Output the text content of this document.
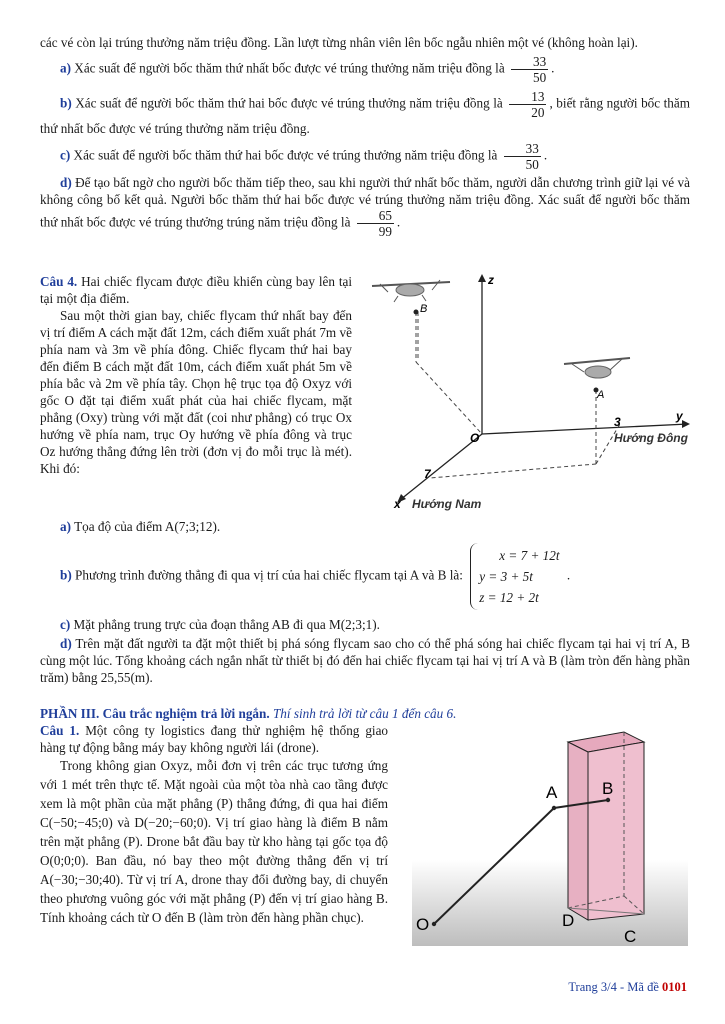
các vé còn lại trúng thưởng năm triệu đồng. Lần lượt từng nhân viên lên bốc ngẫu nhiên một vé (không hoàn lại).

a) Xác suất để người bốc thăm thứ nhất bốc được vé trúng thưởng năm triệu đồng là $\frac{33}{50}$ .

b) Xác suất để người bốc thăm thứ hai bốc được vé trúng thưởng năm triệu đồng là $\frac{13}{20}$ , biết rằng người bốc thăm thứ nhất bốc được vé trúng thưởng năm triệu đồng.

c) Xác suất để người bốc thăm thứ hai bốc được vé trúng thưởng năm triệu đồng là $\frac{33}{50}$ .

d) Để tạo bất ngờ cho người bốc thăm tiếp theo, sau khi người thứ nhất bốc thăm, người dẫn chương trình giữ lại vé và không công bố kết quả. Người bốc thăm thứ hai bốc được vé trúng thưởng năm triệu đồng. Xác suất để người bốc thăm thứ nhất bốc được vé trúng thưởng trúng năm triệu đồng là $\frac{65}{99}$ .

Câu 4. Hai chiếc flycam được điều khiển cùng bay lên tại tại một địa điểm.

Sau một thời gian bay, chiếc flycam thứ nhất bay đến vị trí điểm A cách mặt đất 12m, cách điểm xuất phát 7m về phía nam và 3m về phía đông. Chiếc flycam thứ hai bay đến điểm B cách mặt đất 10m, cách điểm xuất phát 5m về phía bắc và 2m về phía tây. Chọn hệ trục tọa độ Oxyz với gốc O đặt tại điểm xuất phát của hai chiếc flycam, mặt phẳng (Oxy) trùng với mặt đất (coi như phẳng) có trục Ox hướng về phía nam, trục Oy hướng về phía đông và trục Oz hướng thẳng đứng lên trời (đơn vị đo mỗi trục là mét). Khi đó:

z
y
x
O
A
B
3
7
Hướng Đông
Hướng Nam

a) Tọa độ của điểm A(7;3;12).

b) Phương trình đường thẳng đi qua vị trí của hai chiếc flycam tại A và B là: x = 7 + 12t
y = 3 + 5t
z = 12 + 2t .

c) Mặt phẳng trung trực của đoạn thẳng AB đi qua M(2;3;1).

d) Trên mặt đất người ta đặt một thiết bị phá sóng flycam sao cho có thể phá sóng hai chiếc flycam tại hai vị trí A, B cùng một lúc. Tổng khoảng cách ngắn nhất từ thiết bị đó đến hai chiếc flycam tại hai vị trí A và B (làm tròn đến hàng phần trăm) bằng 25,55(m).

PHẦN III. Câu trắc nghiệm trả lời ngắn. Thí sinh trả lời từ câu 1 đến câu 6.

Câu 1. Một công ty logistics đang thử nghiệm hệ thống giao hàng tự động bằng máy bay không người lái (drone).

Trong không gian Oxyz, mỗi đơn vị trên các trục tương ứng với 1 mét trên thực tế. Mặt ngoài của một tòa nhà cao tầng được xem là một phần của mặt phẳng (P) thẳng đứng, đi qua hai điểm C(−50;−45;0) và D(−20;−60;0). Vị trí giao hàng là điểm B nằm trên mặt phẳng (P). Drone bắt đầu bay từ kho hàng tại gốc tọa độ O(0;0;0). Ban đầu, nó bay theo một đường thẳng đến vị trí A(−30;−30;40). Từ vị trí A, drone thay đổi đường bay, di chuyển theo phương vuông góc với mặt phẳng (P) đến vị trí giao hàng B. Tính khoảng cách từ O đến B (làm tròn đến hàng phần chục).

A	B
O	D
C
Trang 3/4 - Mã đề 0101
